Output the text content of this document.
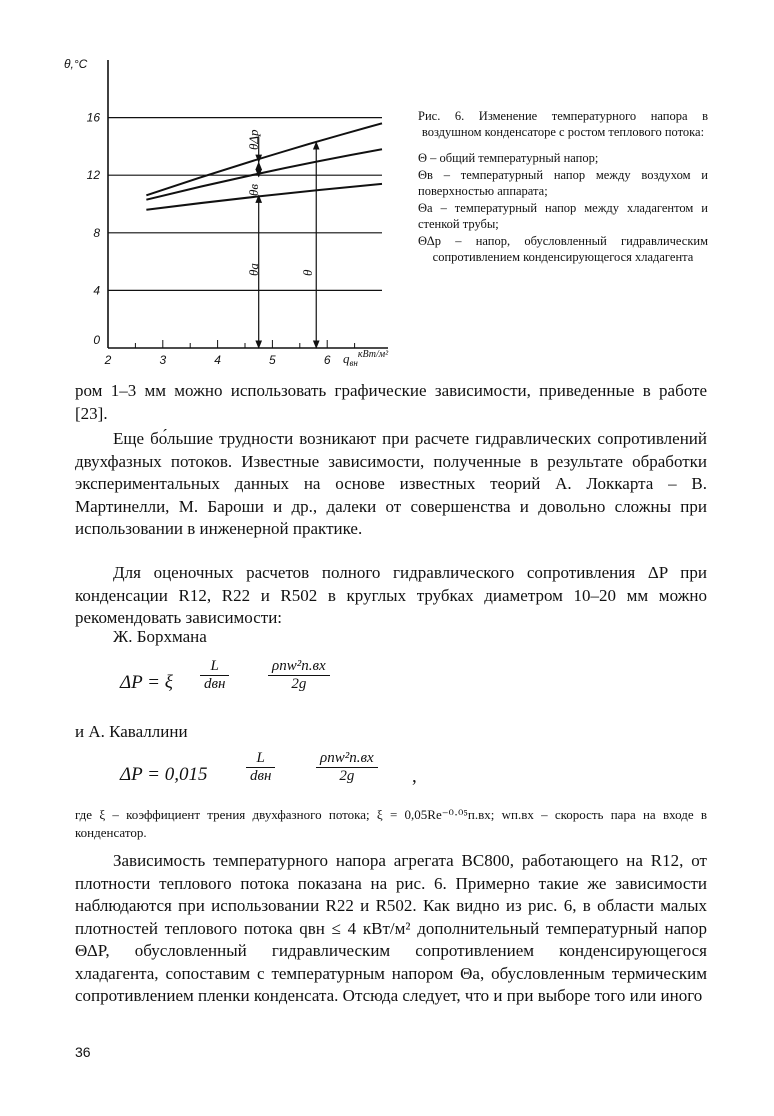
0
4
8
12
16
2	3	4	5	6
θ,°C
$q_{вн}^{кВт/м^2}$
θΔp
θв
θа	θ
Рис. 6. Изменение температурного напора в воздушном конденсаторе с ростом теплового потока:
Θ – общий температурный напор;
Θв – температурный напор между воздухом и поверхностью аппарата;
Θа – температурный напор между хладагентом и стенкой трубы;
ΘΔp – напор, обусловленный гидравлическим сопротивлением конденсирующегося хладагента
ром 1–3 мм можно использовать графические зависимости, приведенные в работе [23].
Еще бо́льшие трудности возникают при расчете гидравлических сопротивлений двухфазных потоков. Известные зависимости, полученные в результате обработки экспериментальных данных на основе известных теорий А. Локкарта – В. Мартинелли, М. Бароши и др., далеки от совершенства и довольно сложны при использовании в инженерной практике.
Для оценочных расчетов полного гидравлического сопротивления ΔP при конденсации R12, R22 и R502 в круглых трубках диаметром 10–20 мм можно рекомендовать зависимости:
Ж. Борхмана
ΔP = ξ
L
dвн
ρпw²п.вх
2g
и А. Каваллини
ΔP = 0,015
L
dвн
ρпw²п.вх
2g	,
где ξ – коэффициент трения двухфазного потока; ξ = 0,05Re⁻⁰·⁰⁵п.вх; wп.вх – скорость пара на входе в конденсатор.
Зависимость температурного напора агрегата ВС800, работающего на R12, от плотности теплового потока показана на рис. 6. Примерно такие же зависимости наблюдаются при использовании R22 и R502. Как видно из рис. 6, в области малых плотностей теплового потока qвн ≤ 4 кВт/м² дополнительный температурный напор ΘΔP, обусловленный гидравлическим сопротивлением конденсирующегося хладагента, сопоставим с температурным напором Θа, обусловленным термическим сопротивлением пленки конденсата. Отсюда следует, что и при выборе того или иного
36
